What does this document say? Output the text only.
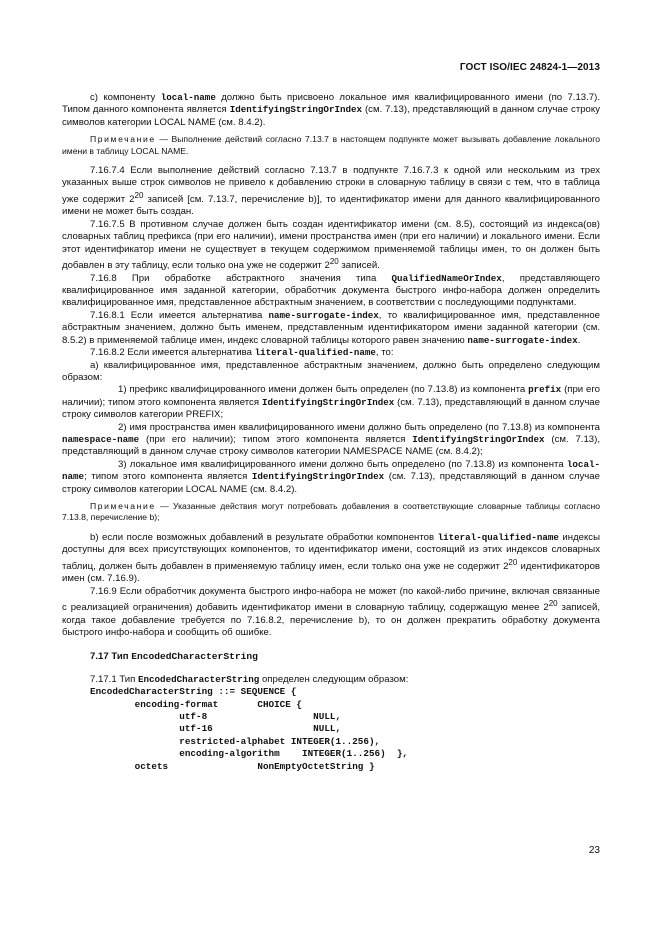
ГОСТ ISO/IEC 24824-1—2013

c) компоненту local-name должно быть присвоено локальное имя квалифицированного имени (по 7.13.7). Типом данного компонента является IdentifyingStringOrIndex (см. 7.13), представляющий в данном случае строку символов категории LOCAL NAME (см. 8.4.2).

Примечание — Выполнение действий согласно 7.13.7 в настоящем подпункте может вызывать добавление локального имени в таблицу LOCAL NAME.

7.16.7.4 Если выполнение действий согласно 7.13.7 в подпункте 7.16.7.3 к одной или нескольким из трех указанных выше строк символов не привело к добавлению строки в словарную таблицу в связи с тем, что в таблица уже содержит $2^{20}$ записей [см. 7.13.7, перечисление b)], то идентификатор имени для данного квалифицированного имени не может быть создан.

7.16.7.5 В противном случае должен быть создан идентификатор имени (см. 8.5), состоящий из индекса(ов) словарных таблиц префикса (при его наличии), имени пространства имен (при его наличии) и локального имени. Если этот идентификатор имени не существует в текущем содержимом применяемой таблицы имен, то он должен быть добавлен в эту таблицу, если только она уже не содержит $2^{20}$ записей.

7.16.8 При обработке абстрактного значения типа QualifiedNameOrIndex, представляющего квалифицированное имя заданной категории, обработчик документа быстрого инфо-набора должен определить квалифицированное имя, представленное абстрактным значением, в соответствии с последующими подпунктами.

7.16.8.1 Если имеется альтернатива name-surrogate-index, то квалифицированное имя, представленное абстрактным значением, должно быть именем, представленным идентификатором имени заданной категории (см. 8.5.2) в применяемой таблице имен, индекс словарной таблицы которого равен значению name-surrogate-index.

7.16.8.2 Если имеется альтернатива literal-qualified-name, то:

a) квалифицированное имя, представленное абстрактным значением, должно быть определено следующим образом:

1) префикс квалифицированного имени должен быть определен (по 7.13.8) из компонента prefix (при его наличии); типом этого компонента является IdentifyingStringOrIndex (см. 7.13), представляющий в данном случае строку символов категории PREFIX;

2) имя пространства имен квалифицированного имени должно быть определено (по 7.13.8) из компонента namespace-name (при его наличии); типом этого компонента является IdentifyingStringOrIndex (см. 7.13), представляющий в данном случае строку символов категории NAMESPACE NAME (см. 8.4.2);

3) локальное имя квалифицированного имени должно быть определено (по 7.13.8) из компонента local-name; типом этого компонента является IdentifyingStringOrIndex (см. 7.13), представляющий в данном случае строку символов категории LOCAL NAME (см. 8.4.2).

Примечание — Указанные действия могут потребовать добавления в соответствующие словарные таблицы согласно 7.13.8, перечисление b);

b) если после возможных добавлений в результате обработки компонентов literal-qualified-name индексы доступны для всех присутствующих компонентов, то идентификатор имени, состоящий из этих индексов словарных таблиц, должен быть добавлен в применяемую таблицу имен, если только она уже не содержит $2^{20}$ идентификаторов имен (см. 7.16.9).

7.16.9 Если обработчик документа быстрого инфо-набора не может (по какой-либо причине, включая связанные с реализацией ограничения) добавить идентификатор имени в словарную таблицу, содержащую менее $2^{20}$ записей, когда такое добавление требуется по 7.16.8.2, перечисление b), то он должен прекратить обработку документа быстрого инфо-набора и сообщить об ошибке.

7.17 Тип EncodedCharacterString

7.17.1 Тип EncodedCharacterString определен следующим образом:

EncodedCharacterString ::= SEQUENCE {
encoding-format       CHOICE {
utf-8                   NULL,
utf-16                  NULL,
restricted-alphabet INTEGER(1..256),
encoding-algorithm    INTEGER(1..256)  },
octets                NonEmptyOctetString }
23
